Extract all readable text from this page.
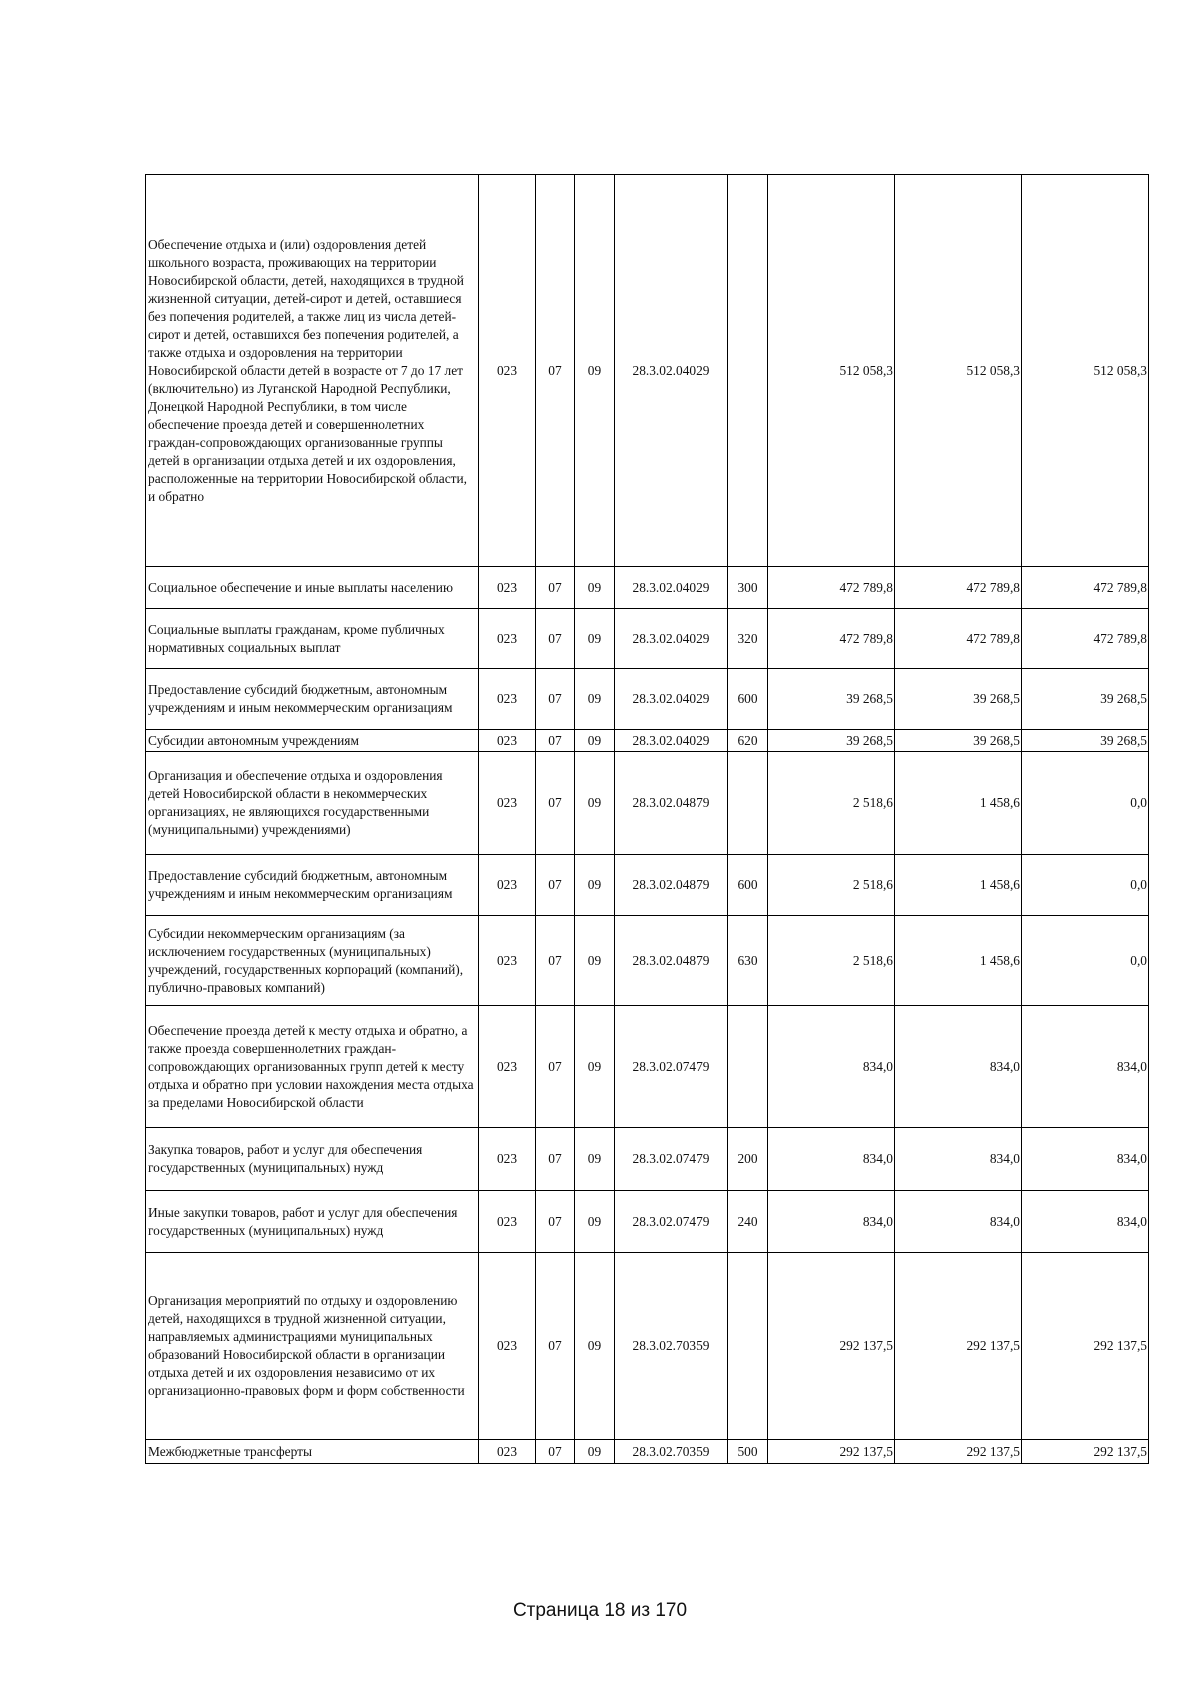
Обеспечение отдыха и (или) оздоровления детей школьного возраста, проживающих на территории Новосибирской области, детей, находящихся в трудной жизненной ситуации, детей-сирот и детей, оставшиеся без попечения родителей, а также лиц из числа детей-сирот и детей, оставшихся без попечения родителей, а также отдыха и оздоровления на территории Новосибирской области детей в возрасте от 7 до 17 лет (включительно) из Луганской Народной Республики, Донецкой Народной Республики, в том числе обеспечение проезда детей и совершеннолетних граждан-сопровождающих организованные группы детей в организации отдыха детей и их оздоровления, расположенные на территории Новосибирской области, и обратно	023	07	09	28.3.02.04029		512 058,3	512 058,3	512 058,3
Социальное обеспечение и иные выплаты населению	023	07	09	28.3.02.04029	300	472 789,8	472 789,8	472 789,8
Социальные выплаты гражданам, кроме публичных нормативных социальных выплат	023	07	09	28.3.02.04029	320	472 789,8	472 789,8	472 789,8
Предоставление субсидий бюджетным, автономным учреждениям и иным некоммерческим организациям	023	07	09	28.3.02.04029	600	39 268,5	39 268,5	39 268,5
Субсидии автономным учреждениям	023	07	09	28.3.02.04029	620	39 268,5	39 268,5	39 268,5
Организация и обеспечение отдыха и оздоровления детей Новосибирской области в некоммерческих организациях, не являющихся государственными (муниципальными) учреждениями)	023	07	09	28.3.02.04879		2 518,6	1 458,6	0,0
Предоставление субсидий бюджетным, автономным учреждениям и иным некоммерческим организациям	023	07	09	28.3.02.04879	600	2 518,6	1 458,6	0,0
Субсидии некоммерческим организациям (за исключением государственных (муниципальных) учреждений, государственных корпораций (компаний), публично-правовых компаний)	023	07	09	28.3.02.04879	630	2 518,6	1 458,6	0,0
Обеспечение проезда детей к месту отдыха и обратно, а также проезда совершеннолетних граждан-сопровождающих организованных групп детей к месту отдыха и обратно при условии нахождения места отдыха за пределами Новосибирской области	023	07	09	28.3.02.07479		834,0	834,0	834,0
Закупка товаров, работ и услуг для обеспечения государственных (муниципальных) нужд	023	07	09	28.3.02.07479	200	834,0	834,0	834,0
Иные закупки товаров, работ и услуг для обеспечения государственных (муниципальных) нужд	023	07	09	28.3.02.07479	240	834,0	834,0	834,0
Организация мероприятий по отдыху и оздоровлению детей, находящихся в трудной жизненной ситуации, направляемых администрациями муниципальных образований Новосибирской области в организации отдыха детей и их оздоровления независимо от их организационно-правовых форм и форм собственности	023	07	09	28.3.02.70359		292 137,5	292 137,5	292 137,5
Межбюджетные трансферты	023	07	09	28.3.02.70359	500	292 137,5	292 137,5	292 137,5
Страница 18 из 170
